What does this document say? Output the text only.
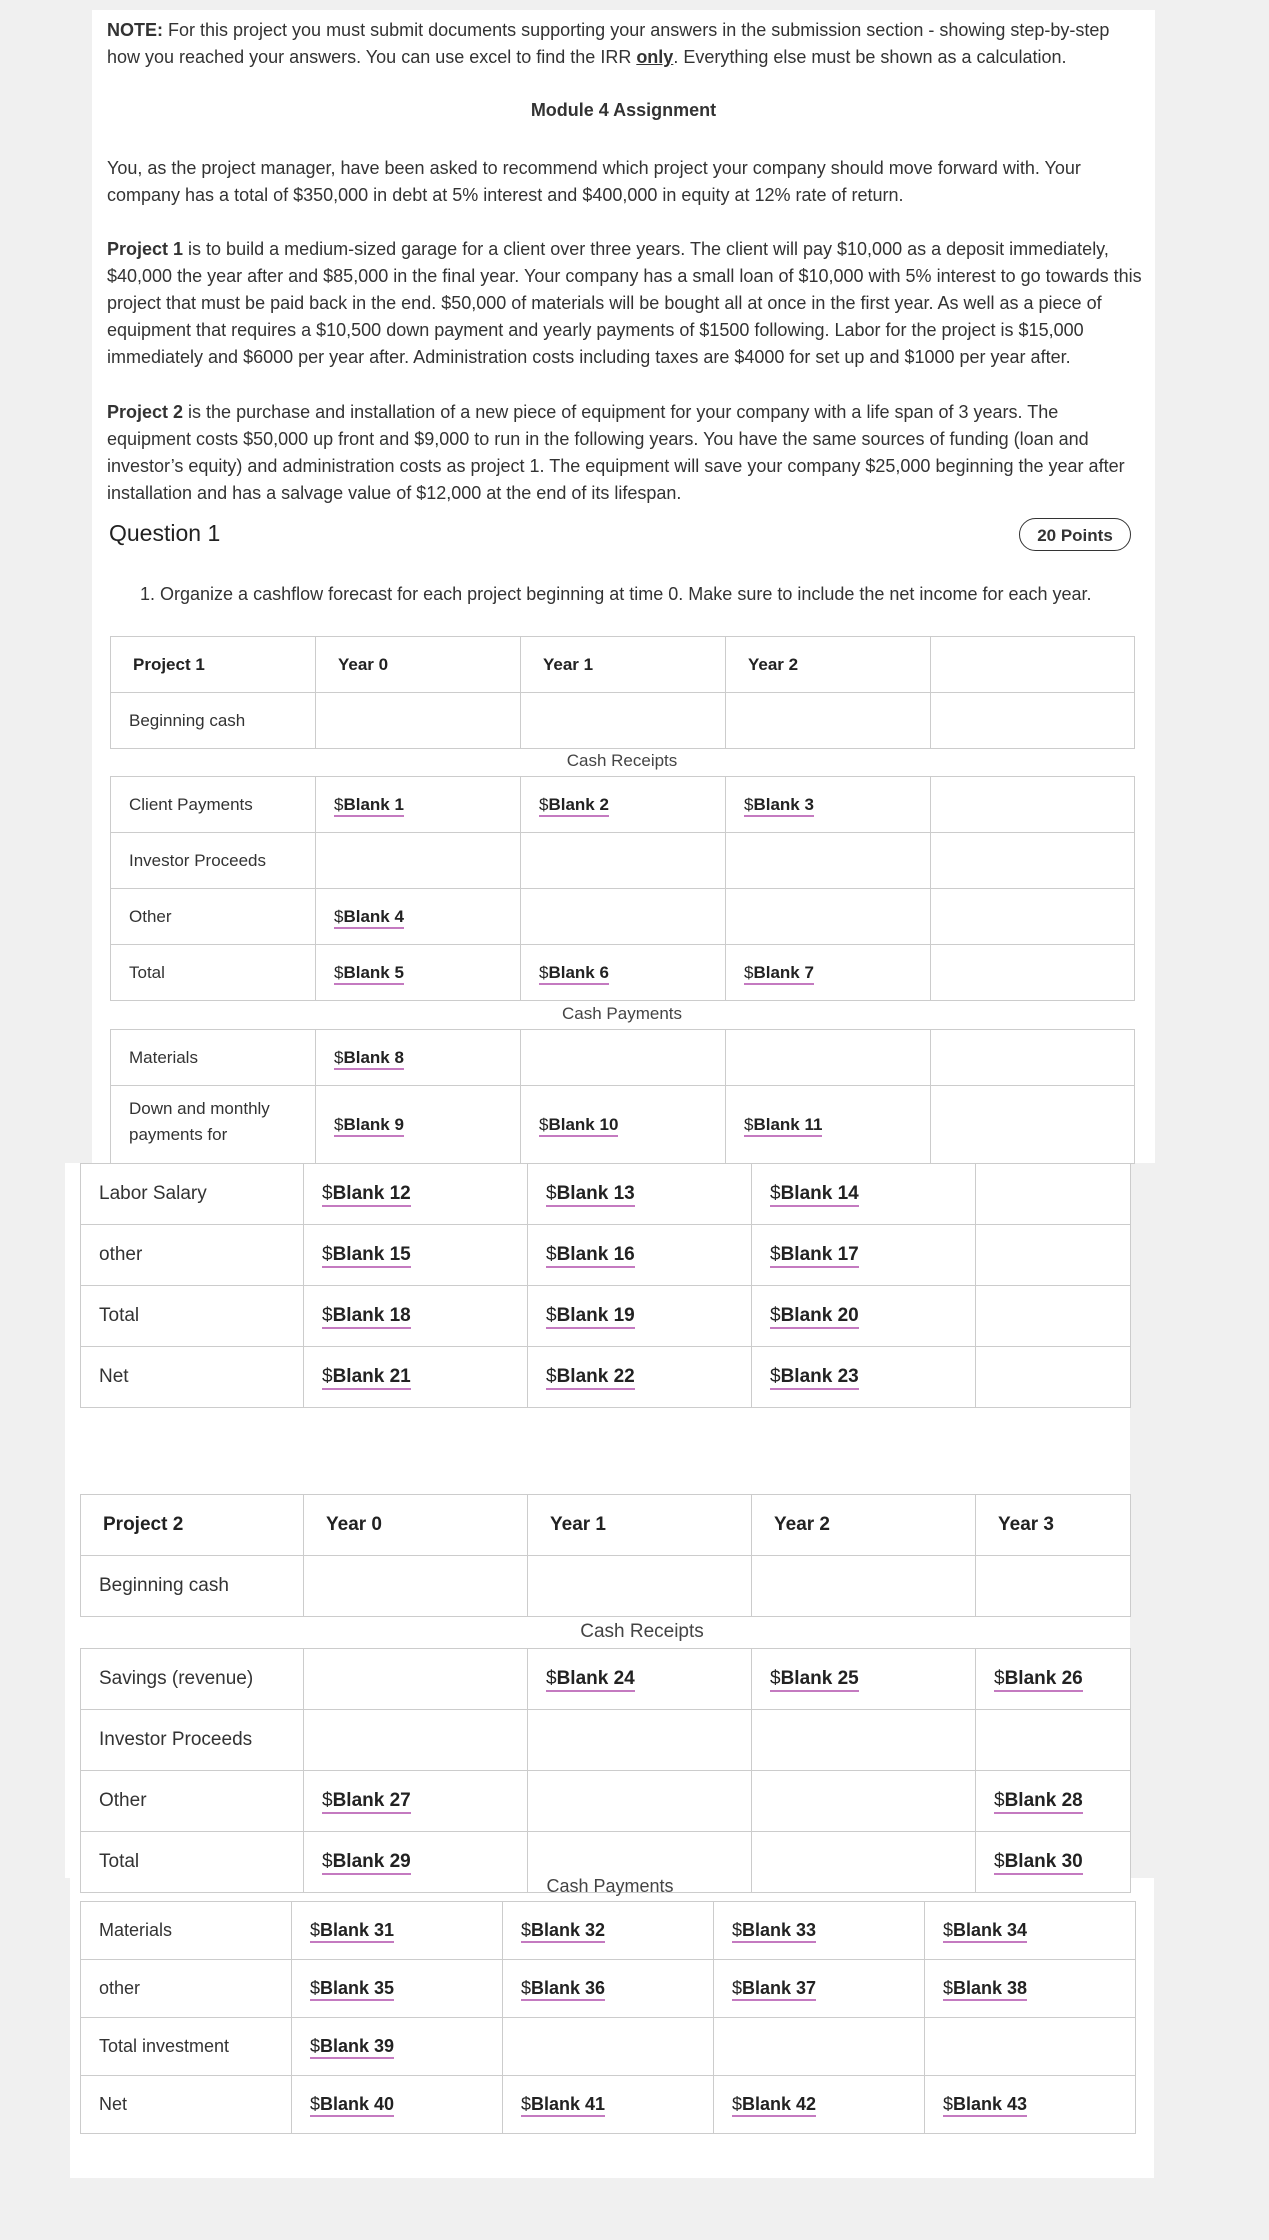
NOTE: For this project you must submit documents supporting your answers in the submission section - showing step-by-step how you reached your answers. You can use excel to find the IRR only. Everything else must be shown as a calculation.

Module 4 Assignment

You, as the project manager, have been asked to recommend which project your company should move forward with. Your company has a total of $350,000 in debt at 5% interest and $400,000 in equity at 12% rate of return.

Project 1 is to build a medium-sized garage for a client over three years. The client will pay $10,000 as a deposit immediately, $40,000 the year after and $85,000 in the final year. Your company has a small loan of $10,000 with 5% interest to go towards this project that must be paid back in the end. $50,000 of materials will be bought all at once in the first year. As well as a piece of equipment that requires a $10,500 down payment and yearly payments of $1500 following. Labor for the project is $15,000 immediately and $6000 per year after. Administration costs including taxes are $4000 for set up and $1000 per year after.

Project 2 is the purchase and installation of a new piece of equipment for your company with a life span of 3 years. The equipment costs $50,000 up front and $9,000 to run in the following years. You have the same sources of funding (loan and investor’s equity) and administration costs as project 1. The equipment will save your company $25,000 beginning the year after installation and has a salvage value of $12,000 at the end of its lifespan.

Question 1	20 Points
1. Organize a cashflow forecast for each project beginning at time 0. Make sure to include the net income for each year.
Project 1	Year 0	Year 1	Year 2	
Beginning cash				
Cash Receipts
Client Payments	$Blank 1	$Blank 2	$Blank 3	
Investor Proceeds				
Other	$Blank 4			
Total	$Blank 5	$Blank 6	$Blank 7	
Cash Payments
Materials	$Blank 8			
Down and monthly payments for	$Blank 9	$Blank 10	$Blank 11	
Labor Salary	$Blank 12	$Blank 13	$Blank 14	
other	$Blank 15	$Blank 16	$Blank 17	
Total	$Blank 18	$Blank 19	$Blank 20	
Net	$Blank 21	$Blank 22	$Blank 23	
Project 2	Year 0	Year 1	Year 2	Year 3
Beginning cash				
Cash Receipts
Savings (revenue)		$Blank 24	$Blank 25	$Blank 26
Investor Proceeds				
Other	$Blank 27			$Blank 28
Total	$Blank 29			$Blank 30
Cash Payments
Materials	$Blank 31	$Blank 32	$Blank 33	$Blank 34
other	$Blank 35	$Blank 36	$Blank 37	$Blank 38
Total investment	$Blank 39			
Net	$Blank 40	$Blank 41	$Blank 42	$Blank 43
